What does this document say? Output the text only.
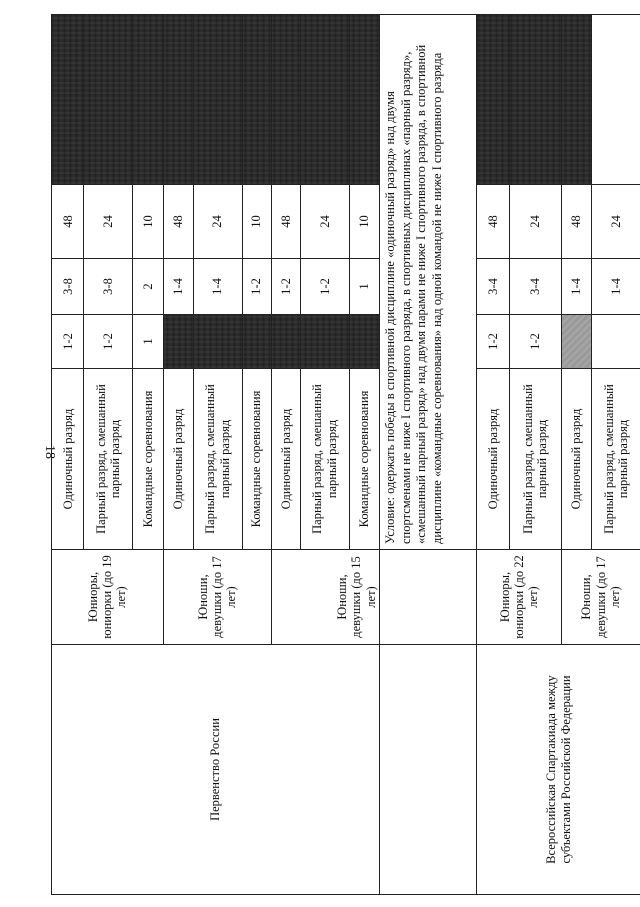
18
Первенство России	Юниоры, юниорки (до 19 лет)	Одиночный разряд	1-2	3-8	48	
		Парный разряд, смешанный парный разряд	1-2	3-8	24	
		Командные соревнования	1	2	10	
	Юноши, девушки (до 17 лет)	Одиночный разряд		1-4	48	
		Парный разряд, смешанный парный разряд		1-4	24	
		Командные соревнования		1-2	10	
	Юноши, девушки (до 15 лет)	Одиночный разряд		1-2	48	
		Парный разряд, смешанный парный разряд		1-2	24	
		Командные соревнования		1	10	
		Условие: одержать победы в спортивной дисциплине «одиночный разряд» над двумя спортсменами не ниже I спортивного разряда, в спортивных дисциплинах «парный разряд», «смешанный парный разряд» над двумя парами не ниже I спортивного разряда, в спортивной дисциплине «командные соревнования» над одной командой не ниже I спортивного разряда				
Всероссийская Спартакиада между субъектами Российской Федерации	Юниоры, юниорки (до 22 лет)	Одиночный разряд	1-2	3-4	48	
		Парный разряд, смешанный парный разряд	1-2	3-4	24	
	Юноши, девушки (до 17 лет)	Одиночный разряд		1-4	48	
		Парный разряд, смешанный парный разряд		1-4	24	
